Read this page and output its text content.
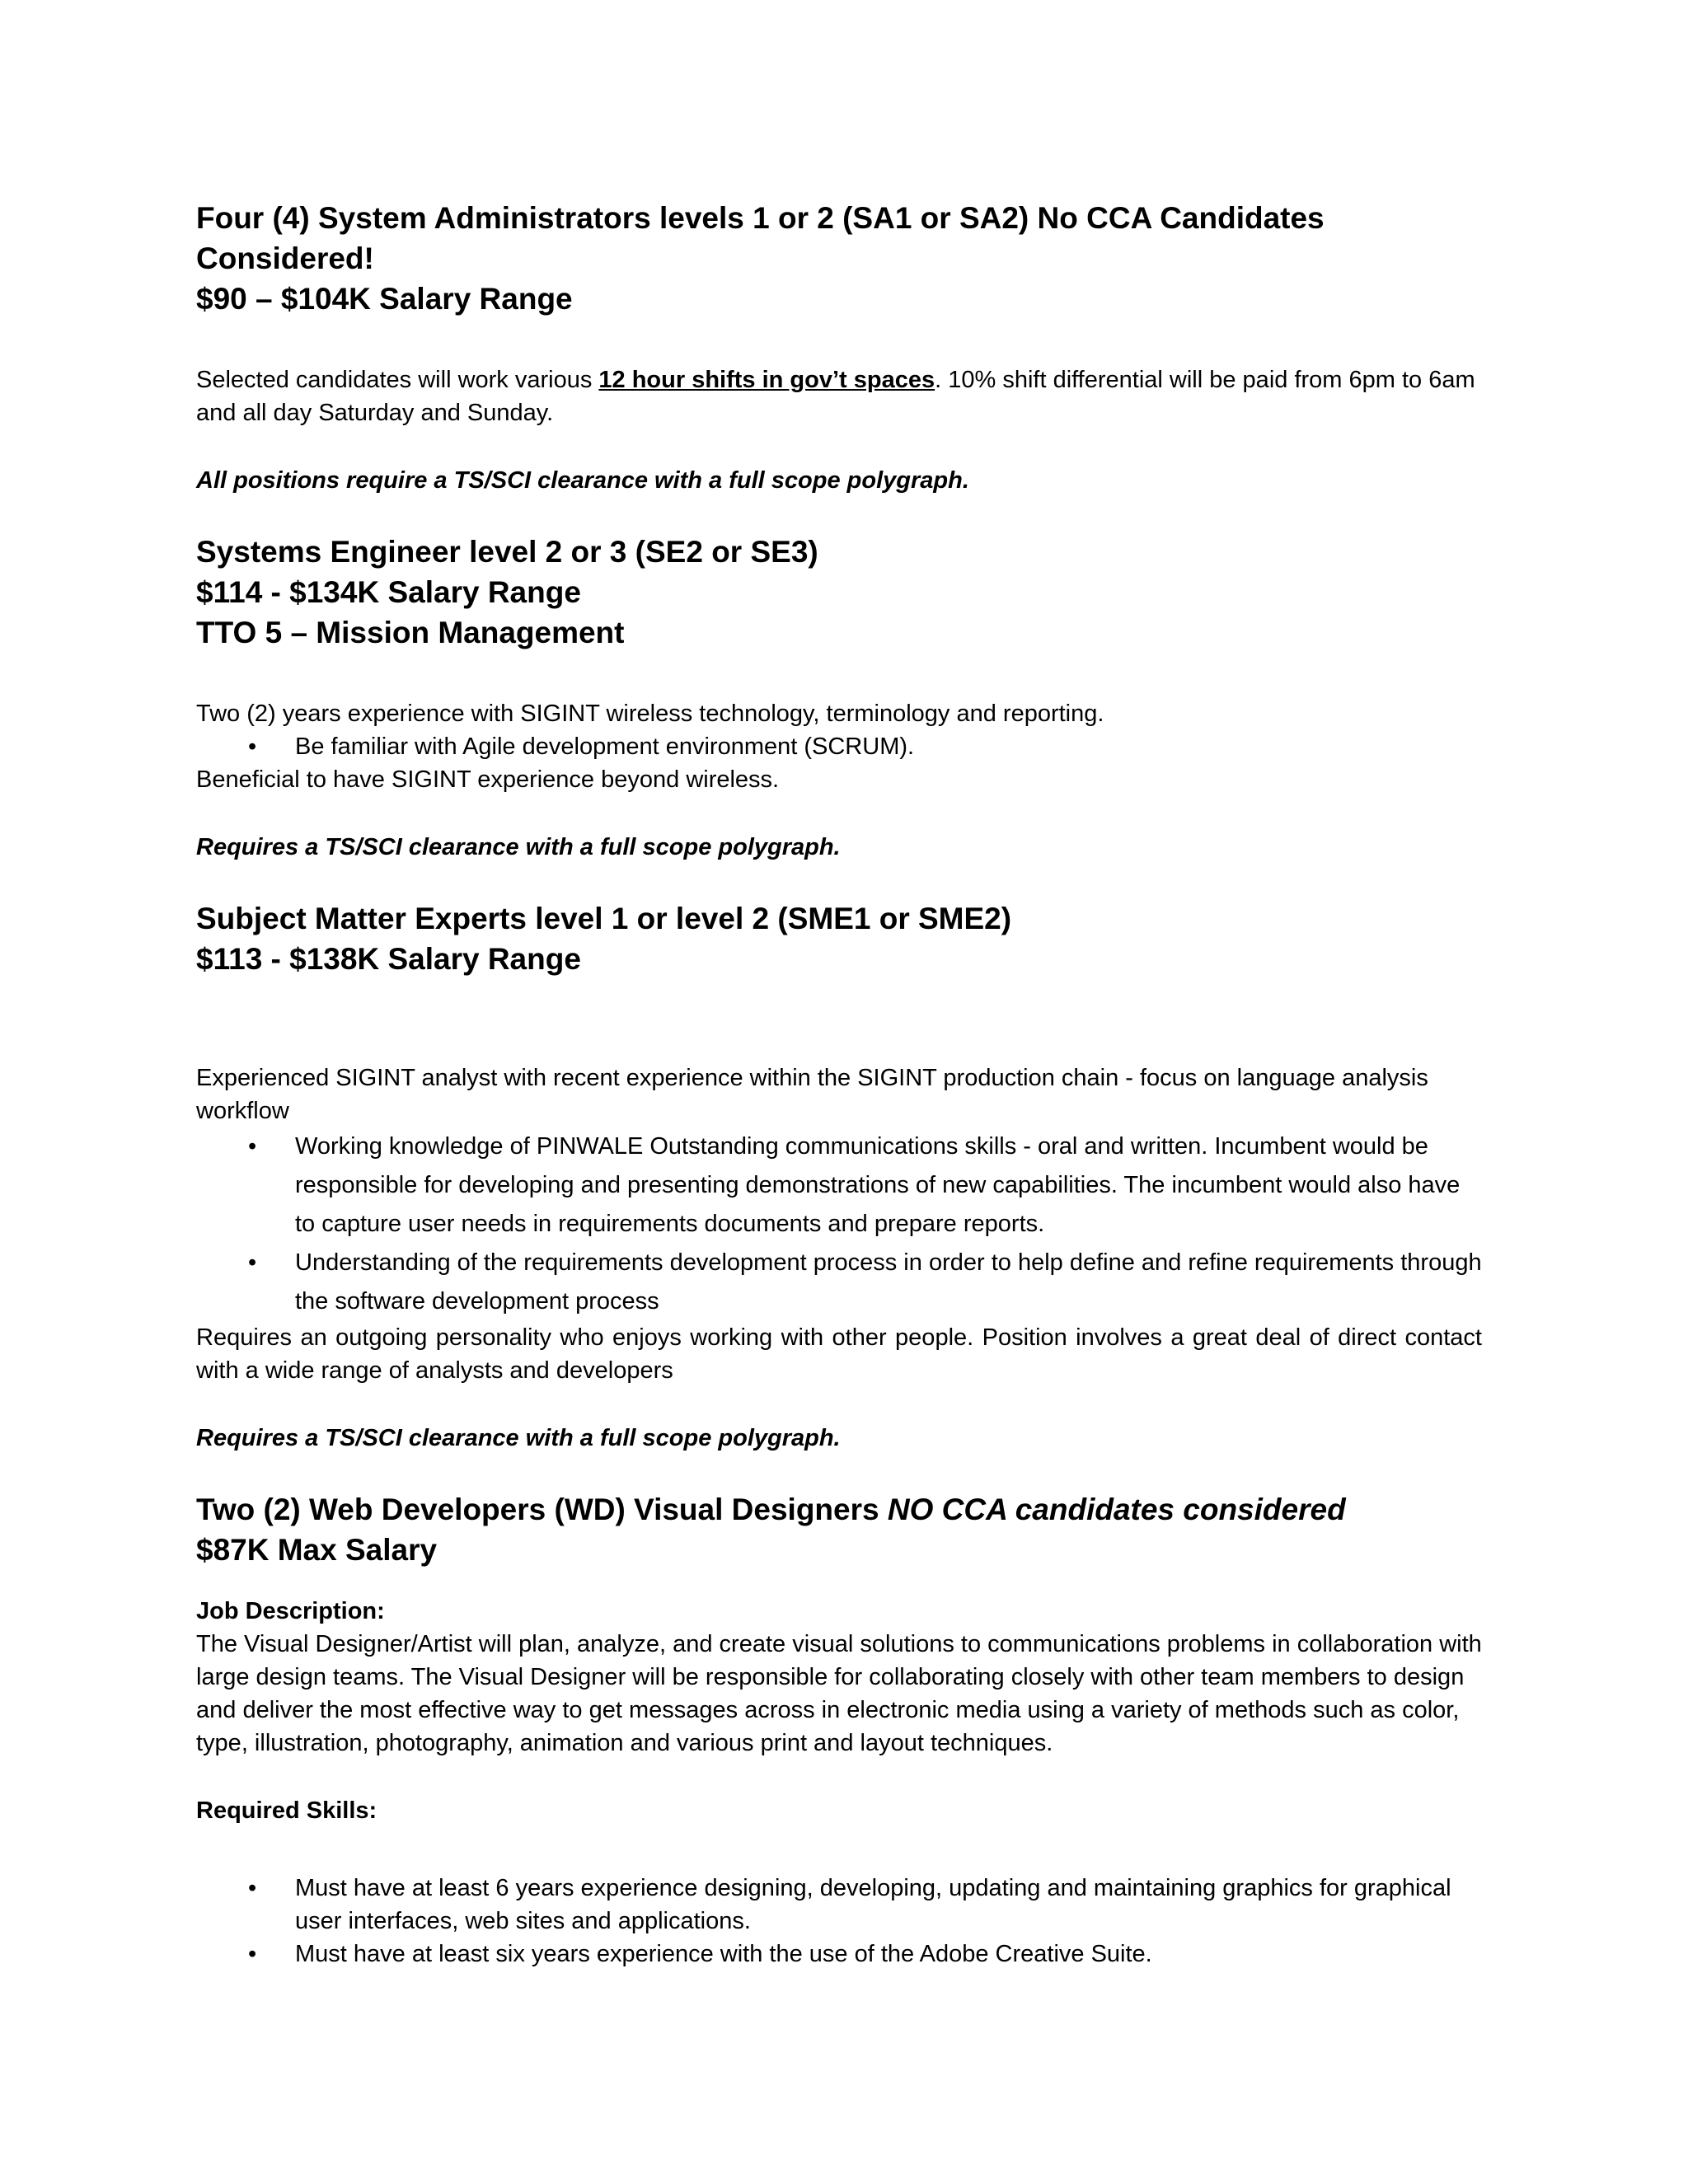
Four (4) System Administrators levels 1 or 2 (SA1 or SA2) No CCA Candidates Considered!
$90 – $104K Salary Range

Selected candidates will work various 12 hour shifts in gov’t spaces. 10% shift differential will be paid from 6pm to 6am and all day Saturday and Sunday.

All positions require a TS/SCI clearance with a full scope polygraph.

Systems Engineer level 2 or 3 (SE2 or SE3)
$114 - $134K Salary Range
TTO 5 – Mission Management

Two (2) years experience with SIGINT wireless technology, terminology and reporting.

• Be familiar with Agile development environment (SCRUM).

Beneficial to have SIGINT experience beyond wireless.

Requires a TS/SCI clearance with a full scope polygraph.

Subject Matter Experts level 1 or level 2 (SME1 or SME2)
$113 - $138K Salary Range

Experienced SIGINT analyst with recent experience within the SIGINT production chain - focus on language analysis workflow

• Working knowledge of PINWALE Outstanding communications skills - oral and written. Incumbent would be responsible for developing and presenting demonstrations of new capabilities. The incumbent would also have to capture user needs in requirements documents and prepare reports.
• Understanding of the requirements development process in order to help define and refine requirements through the software development process

Requires an outgoing personality who enjoys working with other people. Position involves a great deal of direct contact with a wide range of analysts and developers

Requires a TS/SCI clearance with a full scope polygraph.

Two (2) Web Developers (WD) Visual Designers NO CCA candidates considered
$87K Max Salary

Job Description:

The Visual Designer/Artist will plan, analyze, and create visual solutions to communications problems in collaboration with large design teams. The Visual Designer will be responsible for collaborating closely with other team members to design and deliver the most effective way to get messages across in electronic media using a variety of methods such as color, type, illustration, photography, animation and various print and layout techniques.

Required Skills:

• Must have at least 6 years experience designing, developing, updating and maintaining graphics for graphical user interfaces, web sites and applications.
• Must have at least six years experience with the use of the Adobe Creative Suite.
